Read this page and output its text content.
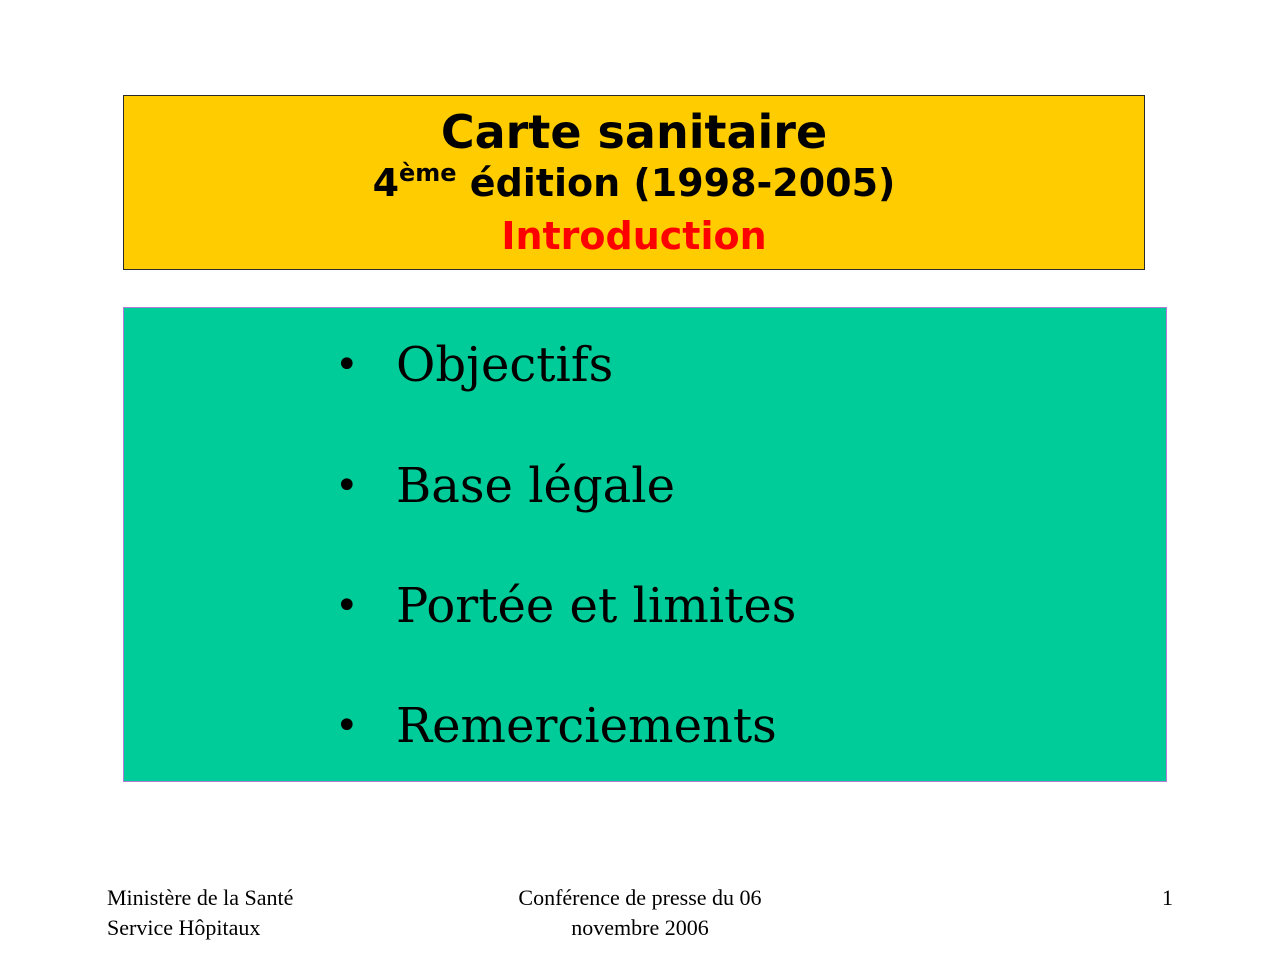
Carte sanitaire
4ème édition (1998-2005)
Introduction
• Objectifs
• Base légale
• Portée et limites
• Remerciements
Ministère de la Santé
Service Hôpitaux
Conférence de presse du 06
novembre 2006
1
